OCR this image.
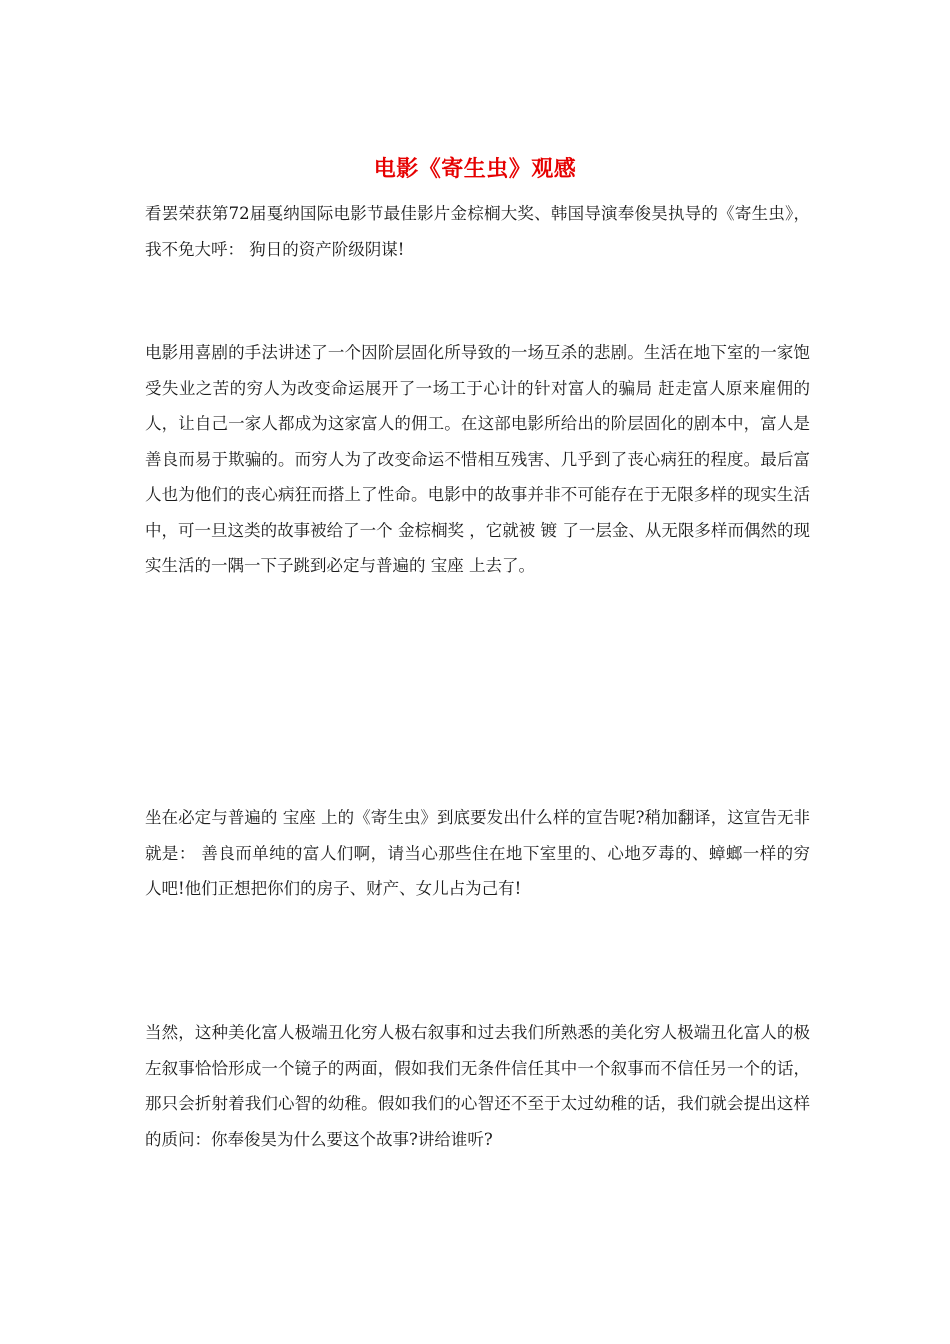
电影《寄生虫》观感
看罢荣获第72届戛纳国际电影节最佳影片金棕榈大奖、韩国导演奉俊昊执导的《寄生虫》，我不免大呼： 狗日的资产阶级阴谋!
电影用喜剧的手法讲述了一个因阶层固化所导致的一场互杀的悲剧。生活在地下室的一家饱受失业之苦的穷人为改变命运展开了一场工于心计的针对富人的骗局 赶走富人原来雇佣的人，让自己一家人都成为这家富人的佣工。在这部电影所给出的阶层固化的剧本中，富人是善良而易于欺骗的。而穷人为了改变命运不惜相互残害、几乎到了丧心病狂的程度。最后富人也为他们的丧心病狂而搭上了性命。电影中的故事并非不可能存在于无限多样的现实生活中，可一旦这类的故事被给了一个 金棕榈奖 ，它就被 镀 了一层金、从无限多样而偶然的现实生活的一隅一下子跳到必定与普遍的 宝座 上去了。
坐在必定与普遍的 宝座 上的《寄生虫》到底要发出什么样的宣告呢?稍加翻译，这宣告无非就是： 善良而单纯的富人们啊，请当心那些住在地下室里的、心地歹毒的、蟑螂一样的穷人吧!他们正想把你们的房子、财产、女儿占为己有!
当然，这种美化富人极端丑化穷人极右叙事和过去我们所熟悉的美化穷人极端丑化富人的极左叙事恰恰形成一个镜子的两面，假如我们无条件信任其中一个叙事而不信任另一个的话，那只会折射着我们心智的幼稚。假如我们的心智还不至于太过幼稚的话，我们就会提出这样的质问：你奉俊昊为什么要这个故事?讲给谁听?
